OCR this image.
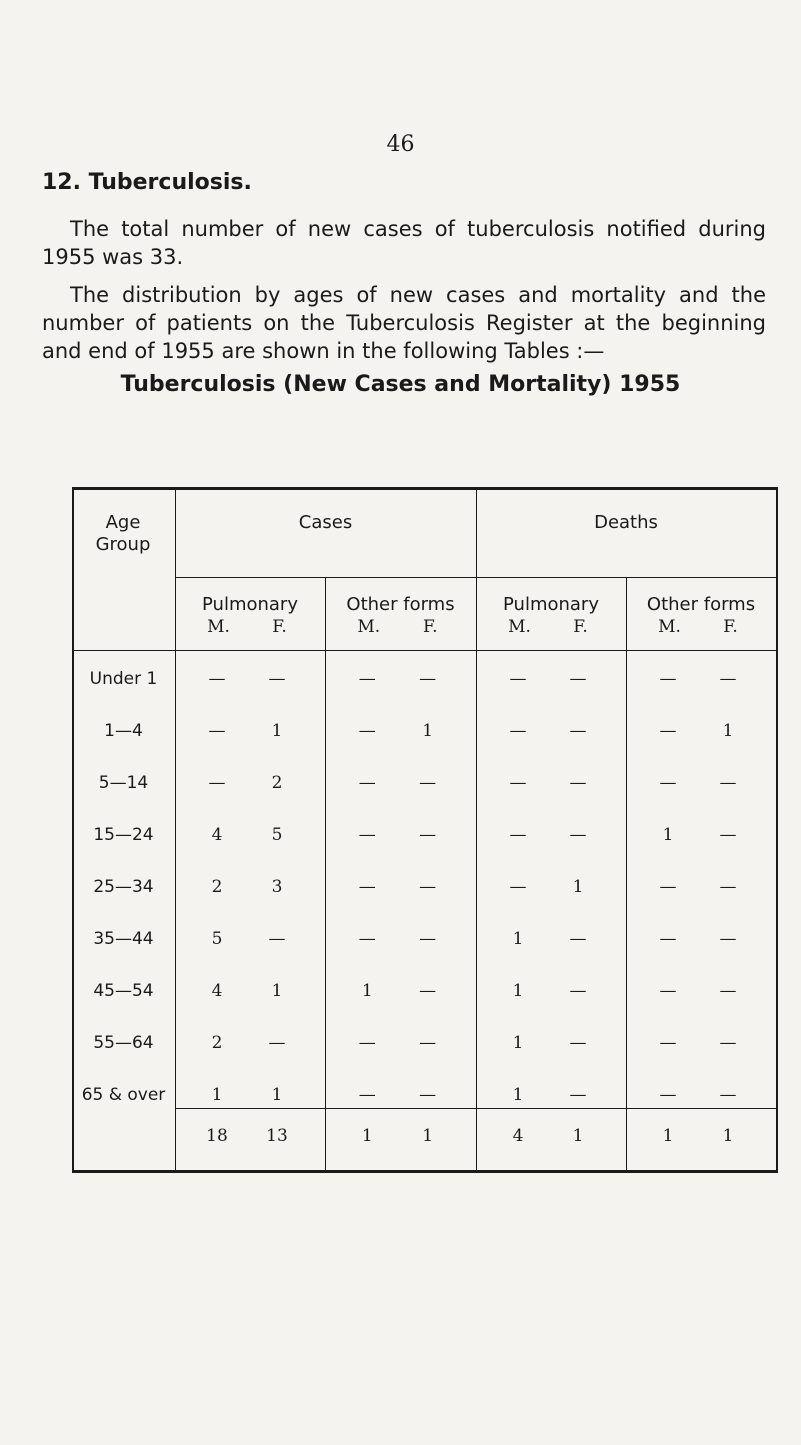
46
12. Tuberculosis.
The total number of new cases of tuberculosis notified during 1955 was 33.
The distribution by ages of new cases and mortality and the number of patients on the Tuberculosis Register at the beginning and end of 1955 are shown in the following Tables :—
Tuberculosis (New Cases and Mortality) 1955
Age Group
Cases	Deaths
Pulmonary
M.	F.
Other forms
M.	F.
Pulmonary
M.	F.
Other forms
M.	F.
Under 1	—	—	—	—	—	—	—	—
1—4	—	1	—	1	—	—	—	1
5—14	—	2	—	—	—	—	—	—
15—24	4	5	—	—	—	—	1	—
25—34	2	3	—	—	—	1	—	—
35—44	5	—	—	—	1	—	—	—
45—54	4	1	1	—	1	—	—	—
55—64	2	—	—	—	1	—	—	—
65 & over	1	1	—	—	1	—	—	—
18	13	1	1	4	1	1	1
